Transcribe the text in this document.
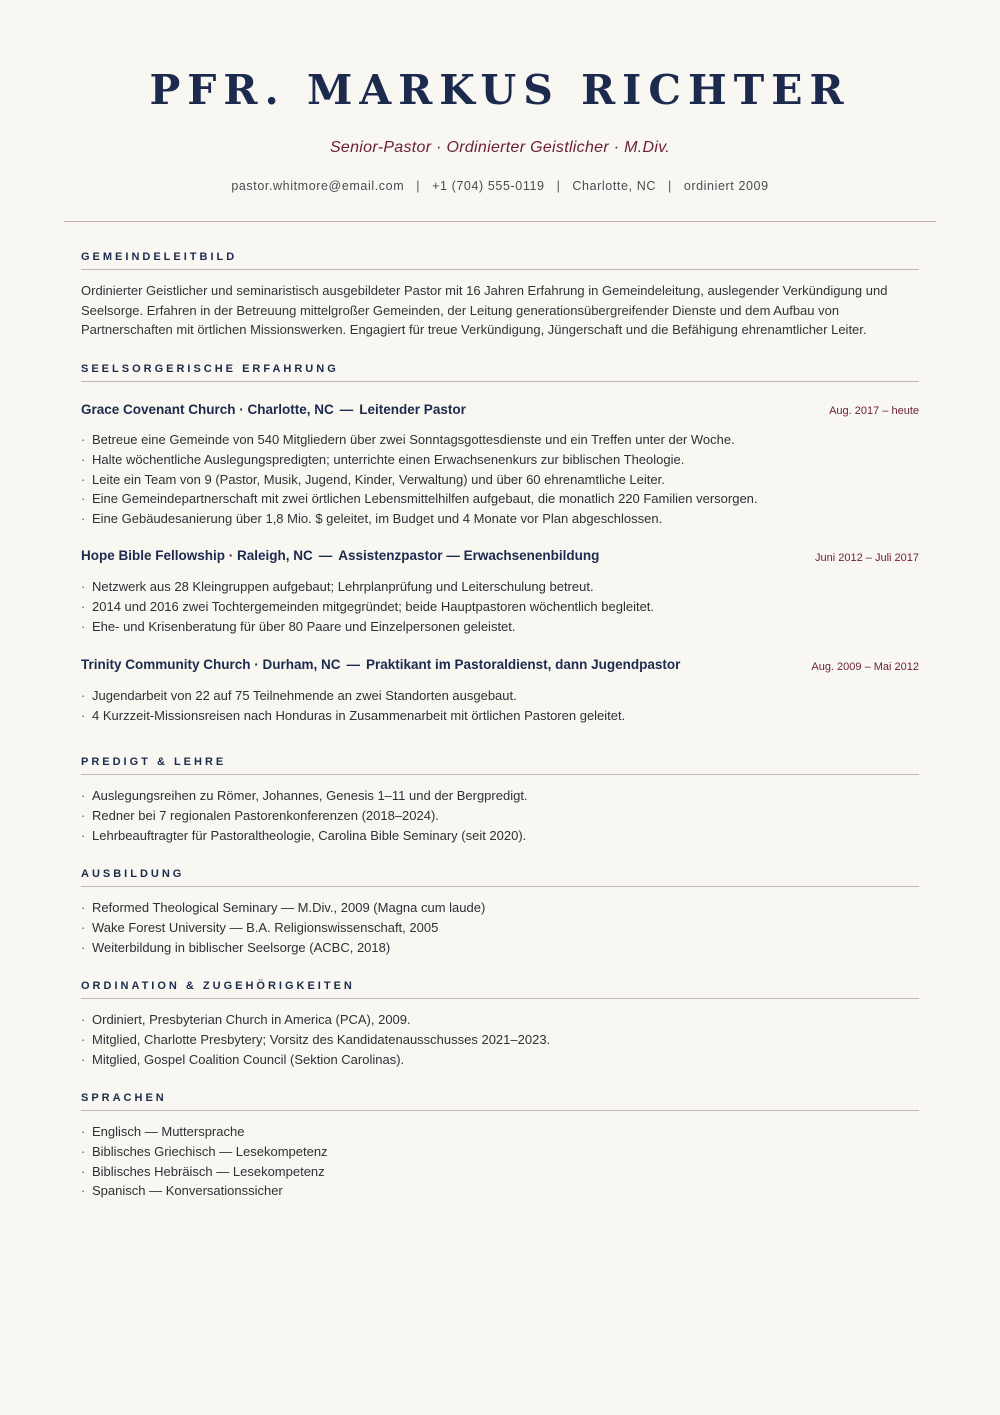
PFR. MARKUS RICHTER
Senior-Pastor · Ordinierter Geistlicher · M.Div.
pastor.whitmore@email.com | +1 (704) 555-0119 | Charlotte, NC | ordiniert 2009
GEMEINDELEITBILD
Ordinierter Geistlicher und seminaristisch ausgebildeter Pastor mit 16 Jahren Erfahrung in Gemeindeleitung, auslegender Verkündigung und Seelsorge. Erfahren in der Betreuung mittelgroßer Gemeinden, der Leitung generationsübergreifender Dienste und dem Aufbau von Partnerschaften mit örtlichen Missionswerken. Engagiert für treue Verkündigung, Jüngerschaft und die Befähigung ehrenamtlicher Leiter.
SEELSORGERISCHE ERFAHRUNG
Grace Covenant Church · Charlotte, NC — Leitender Pastor	Aug. 2017 – heute
· Betreue eine Gemeinde von 540 Mitgliedern über zwei Sonntagsgottesdienste und ein Treffen unter der Woche.
· Halte wöchentliche Auslegungspredigten; unterrichte einen Erwachsenenkurs zur biblischen Theologie.
· Leite ein Team von 9 (Pastor, Musik, Jugend, Kinder, Verwaltung) und über 60 ehrenamtliche Leiter.
· Eine Gemeindepartnerschaft mit zwei örtlichen Lebensmittelhilfen aufgebaut, die monatlich 220 Familien versorgen.
· Eine Gebäudesanierung über 1,8 Mio. $ geleitet, im Budget und 4 Monate vor Plan abgeschlossen.
Hope Bible Fellowship · Raleigh, NC — Assistenzpastor — Erwachsenenbildung	Juni 2012 – Juli 2017
· Netzwerk aus 28 Kleingruppen aufgebaut; Lehrplanprüfung und Leiterschulung betreut.
· 2014 und 2016 zwei Tochtergemeinden mitgegründet; beide Hauptpastoren wöchentlich begleitet.
· Ehe- und Krisenberatung für über 80 Paare und Einzelpersonen geleistet.
Trinity Community Church · Durham, NC — Praktikant im Pastoraldienst, dann Jugendpastor	Aug. 2009 – Mai 2012
· Jugendarbeit von 22 auf 75 Teilnehmende an zwei Standorten ausgebaut.
· 4 Kurzzeit-Missionsreisen nach Honduras in Zusammenarbeit mit örtlichen Pastoren geleitet.
PREDIGT & LEHRE
· Auslegungsreihen zu Römer, Johannes, Genesis 1–11 und der Bergpredigt.
· Redner bei 7 regionalen Pastorenkonferenzen (2018–2024).
· Lehrbeauftragter für Pastoraltheologie, Carolina Bible Seminary (seit 2020).
AUSBILDUNG
· Reformed Theological Seminary — M.Div., 2009 (Magna cum laude)
· Wake Forest University — B.A. Religionswissenschaft, 2005
· Weiterbildung in biblischer Seelsorge (ACBC, 2018)
ORDINATION & ZUGEHÖRIGKEITEN
· Ordiniert, Presbyterian Church in America (PCA), 2009.
· Mitglied, Charlotte Presbytery; Vorsitz des Kandidatenausschusses 2021–2023.
· Mitglied, Gospel Coalition Council (Sektion Carolinas).
SPRACHEN
· Englisch — Muttersprache
· Biblisches Griechisch — Lesekompetenz
· Biblisches Hebräisch — Lesekompetenz
· Spanisch — Konversationssicher
